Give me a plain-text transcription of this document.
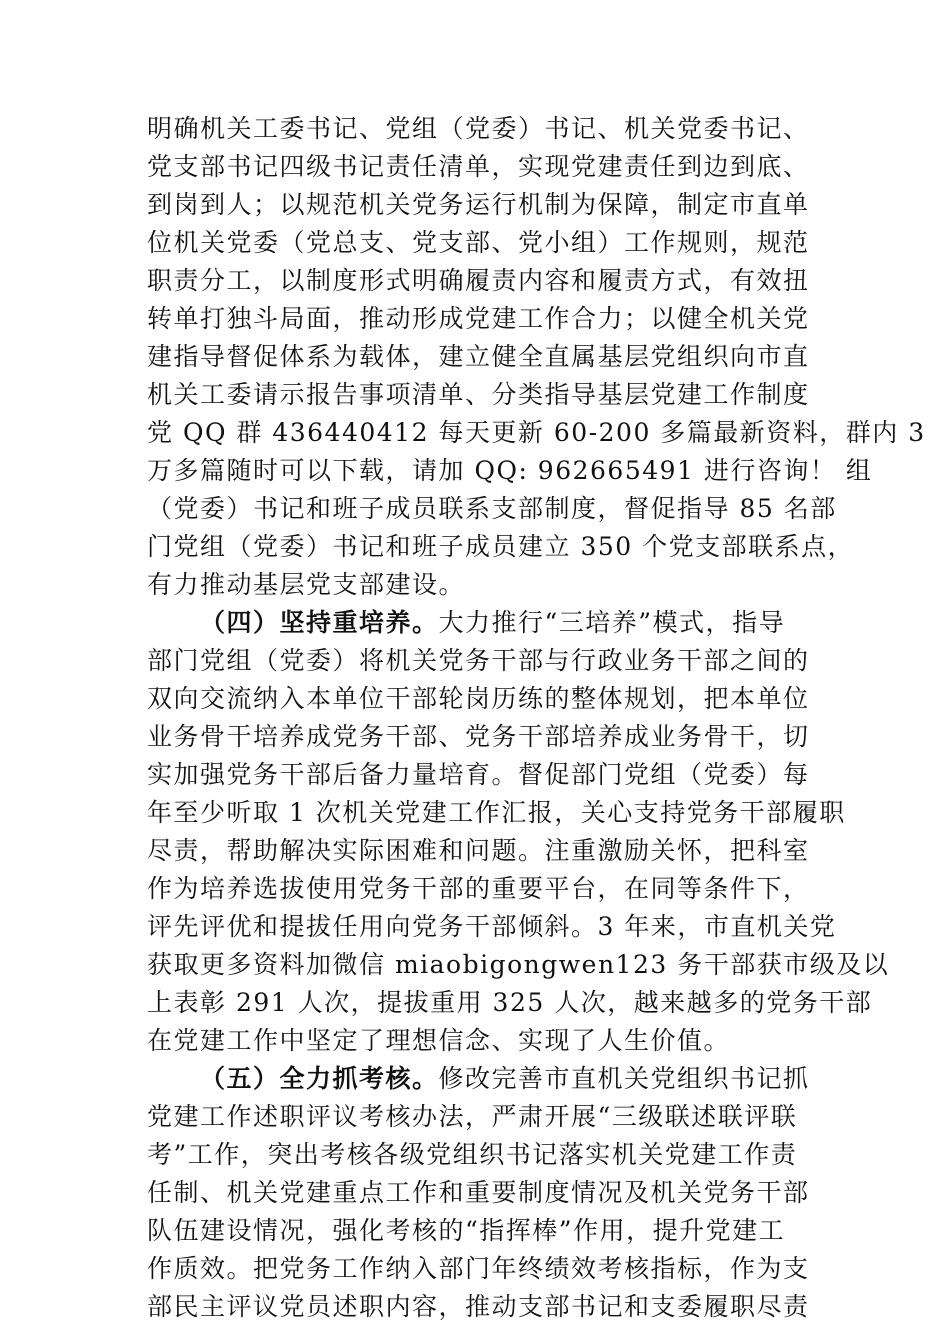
明确机关工委书记、党组（党委）书记、机关党委书记、
党支部书记四级书记责任清单，实现党建责任到边到底、
到岗到人；以规范机关党务运行机制为保障，制定市直单
位机关党委（党总支、党支部、党小组）工作规则，规范
职责分工，以制度形式明确履责内容和履责方式，有效扭
转单打独斗局面，推动形成党建工作合力；以健全机关党
建指导督促体系为载体，建立健全直属基层党组织向市直
机关工委请示报告事项清单、分类指导基层党建工作制度
党 QQ 群 436440412 每天更新 60-200 多篇最新资料，群内 3
万多篇随时可以下载，请加 QQ: 962665491 进行咨询！ 组
（党委）书记和班子成员联系支部制度，督促指导 85 名部
门党组（党委）书记和班子成员建立 350 个党支部联系点，
有力推动基层党支部建设。
（四）坚持重培养。大力推行“三培养”模式，指导
部门党组（党委）将机关党务干部与行政业务干部之间的
双向交流纳入本单位干部轮岗历练的整体规划，把本单位
业务骨干培养成党务干部、党务干部培养成业务骨干，切
实加强党务干部后备力量培育。督促部门党组（党委）每
年至少听取 1 次机关党建工作汇报，关心支持党务干部履职
尽责，帮助解决实际困难和问题。注重激励关怀，把科室
作为培养选拔使用党务干部的重要平台，在同等条件下，
评先评优和提拔任用向党务干部倾斜。3 年来，市直机关党
获取更多资料加微信 miaobigongwen123 务干部获市级及以
上表彰 291 人次，提拔重用 325 人次，越来越多的党务干部
在党建工作中坚定了理想信念、实现了人生价值。
（五）全力抓考核。修改完善市直机关党组织书记抓
党建工作述职评议考核办法，严肃开展“三级联述联评联
考”工作，突出考核各级党组织书记落实机关党建工作责
任制、机关党建重点工作和重要制度情况及机关党务干部
队伍建设情况，强化考核的“指挥棒”作用，提升党建工
作质效。把党务工作纳入部门年终绩效考核指标，作为支
部民主评议党员述职内容，推动支部书记和支委履职尽责
